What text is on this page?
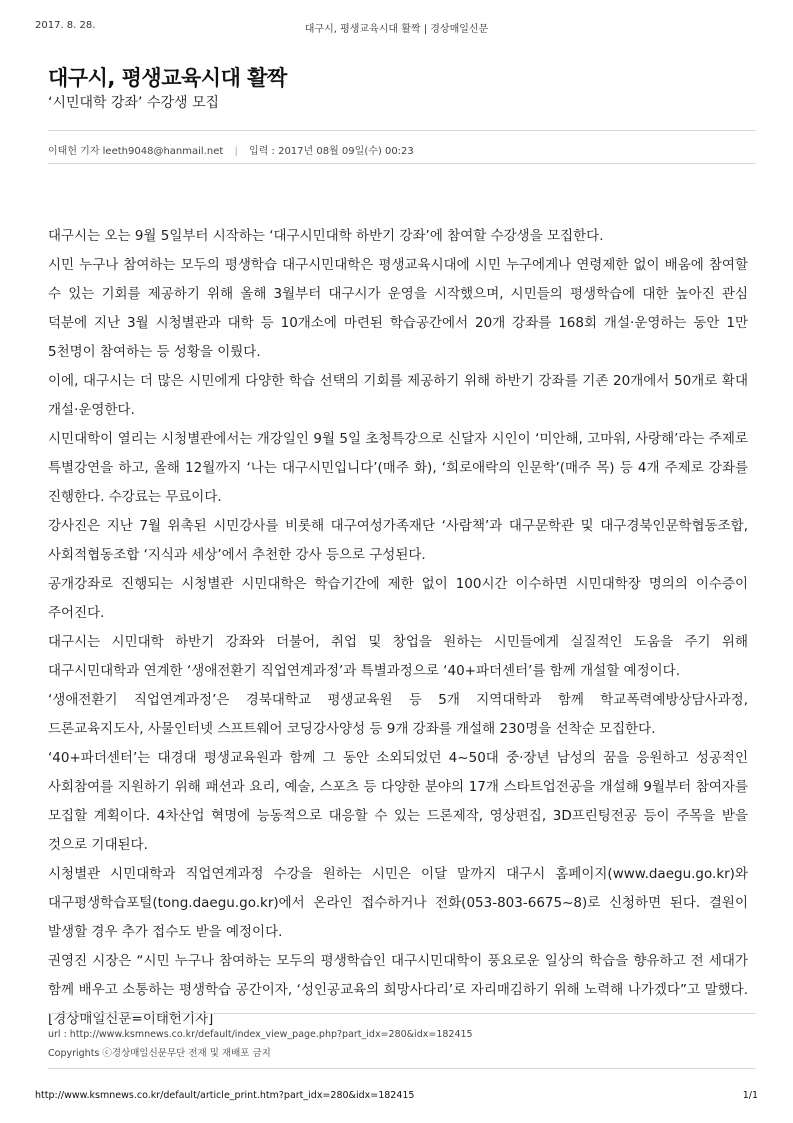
2017. 8. 28.	대구시, 평생교육시대 활짝 | 경상매일신문
대구시, 평생교육시대 활짝
‘시민대학 강좌’ 수강생 모집
이태헌 기자 leeth9048@hanmail.net | 입력 : 2017년 08월 09일(수) 00:23

대구시는 오는 9월 5일부터 시작하는 ‘대구시민대학 하반기 강좌’에 참여할 수강생을 모집한다.

시민 누구나 참여하는 모두의 평생학습 대구시민대학은 평생교육시대에 시민 누구에게나 연령제한 없이 배움에 참여할 수 있는 기회를 제공하기 위해 올해 3월부터 대구시가 운영을 시작했으며, 시민들의 평생학습에 대한 높아진 관심 덕분에 지난 3월 시청별관과 대학 등 10개소에 마련된 학습공간에서 20개 강좌를 168회 개설·운영하는 동안 1만 5천명이 참여하는 등 성황을 이뤘다.

이에, 대구시는 더 많은 시민에게 다양한 학습 선택의 기회를 제공하기 위해 하반기 강좌를 기존 20개에서 50개로 확대 개설·운영한다.

시민대학이 열리는 시청별관에서는 개강일인 9월 5일 초청특강으로 신달자 시인이 ‘미안해, 고마워, 사랑해’라는 주제로 특별강연을 하고, 올해 12월까지 ‘나는 대구시민입니다’(매주 화), ‘희로애락의 인문학’(매주 목) 등 4개 주제로 강좌를 진행한다. 수강료는 무료이다.

강사진은 지난 7월 위촉된 시민강사를 비롯해 대구여성가족재단 ‘사람책’과 대구문학관 및 대구경북인문학협동조합, 사회적협동조합 ‘지식과 세상’에서 추천한 강사 등으로 구성된다.

공개강좌로 진행되는 시청별관 시민대학은 학습기간에 제한 없이 100시간 이수하면 시민대학장 명의의 이수증이 주어진다.

대구시는 시민대학 하반기 강좌와 더불어, 취업 및 창업을 원하는 시민들에게 실질적인 도움을 주기 위해 대구시민대학과 연계한 ‘생애전환기 직업연계과정’과 특별과정으로 ‘40+파더센터’를 함께 개설할 예정이다.

‘생애전환기 직업연계과정’은 경북대학교 평생교육원 등 5개 지역대학과 함께 학교폭력예방상담사과정, 드론교육지도사, 사물인터넷 스프트웨어 코딩강사양성 등 9개 강좌를 개설해 230명을 선착순 모집한다.

‘40+파더센터’는 대경대 평생교육원과 함께 그 동안 소외되었던 4~50대 중·장년 남성의 꿈을 응원하고 성공적인 사회참여를 지원하기 위해 패션과 요리, 예술, 스포츠 등 다양한 분야의 17개 스타트업전공을 개설해 9월부터 참여자를 모집할 계획이다. 4차산업 혁명에 능동적으로 대응할 수 있는 드론제작, 영상편집, 3D프린팅전공 등이 주목을 받을 것으로 기대된다.

시청별관 시민대학과 직업연계과정 수강을 원하는 시민은 이달 말까지 대구시 홈페이지(www.daegu.go.kr)와 대구평생학습포털(tong.daegu.go.kr)에서 온라인 접수하거나 전화(053-803-6675~8)로 신청하면 된다. 결원이 발생할 경우 추가 접수도 받을 예정이다.

권영진 시장은 “시민 누구나 참여하는 모두의 평생학습인 대구시민대학이 풍요로운 일상의 학습을 향유하고 전 세대가 함께 배우고 소통하는 평생학습 공간이자, ‘성인공교육의 희망사다리’로 자리매김하기 위해 노력해 나가겠다”고 말했다. [경상매일신문=이태헌기자]

url : http://www.ksmnews.co.kr/default/index_view_page.php?part_idx=280&idx=182415
Copyrights ⓒ경상매일신문무단 전재 및 재배포 금지
http://www.ksmnews.co.kr/default/article_print.htm?part_idx=280&idx=182415	1/1
